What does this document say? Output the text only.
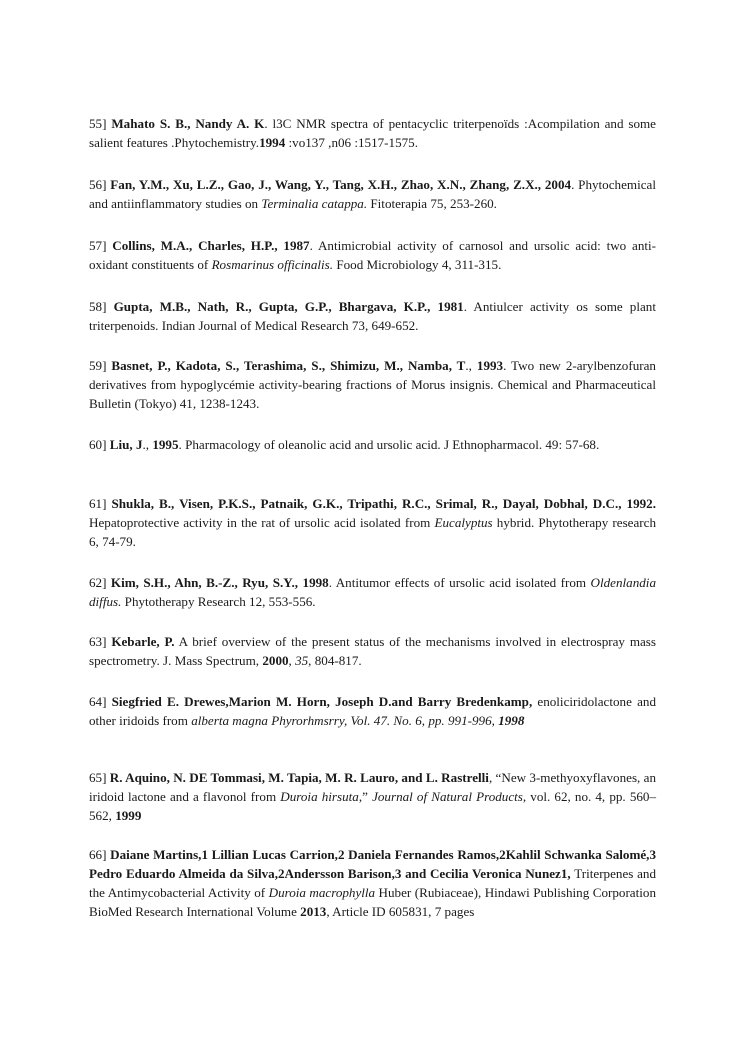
55] Mahato S. B., Nandy A. K. l3C NMR spectra of pentacyclic triterpenoïds :Acompilation and some salient features .Phytochemistry.1994 :vo137 ,n06 :1517-1575.
56] Fan, Y.M., Xu, L.Z., Gao, J., Wang, Y., Tang, X.H., Zhao, X.N., Zhang, Z.X., 2004. Phytochemical and antiinflammatory studies on Terminalia catappa. Fitoterapia 75, 253-260.
57] Collins, M.A., Charles, H.P., 1987. Antimicrobial activity of carnosol and ursolic acid: two anti-oxidant constituents of Rosmarinus officinalis. Food Microbiology 4, 311-315.
58] Gupta, M.B., Nath, R., Gupta, G.P., Bhargava, K.P., 1981. Antiulcer activity os some plant triterpenoids. Indian Journal of Medical Research 73, 649-652.
59] Basnet, P., Kadota, S., Terashima, S., Shimizu, M., Namba, T., 1993. Two new 2-arylbenzofuran derivatives from hypoglycémie activity-bearing fractions of Morus insignis. Chemical and Pharmaceutical Bulletin (Tokyo) 41, 1238-1243.
60] Liu, J., 1995. Pharmacology of oleanolic acid and ursolic acid. J Ethnopharmacol. 49: 57-68.
61] Shukla, B., Visen, P.K.S., Patnaik, G.K., Tripathi, R.C., Srimal, R., Dayal, Dobhal, D.C., 1992. Hepatoprotective activity in the rat of ursolic acid isolated from Eucalyptus hybrid. Phytotherapy research 6, 74-79.
62] Kim, S.H., Ahn, B.-Z., Ryu, S.Y., 1998. Antitumor effects of ursolic acid isolated from Oldenlandia diffus. Phytotherapy Research 12, 553-556.
63] Kebarle, P. A brief overview of the present status of the mechanisms involved in electrospray mass spectrometry. J. Mass Spectrum, 2000, 35, 804-817.
64] Siegfried E. Drewes,Marion M. Horn, Joseph D.and Barry Bredenkamp, enoliciridolactone and other iridoids from alberta magna Phyrorhmsrry, Vol. 47. No. 6, pp. 991-996, 1998
65] R. Aquino, N. DE Tommasi, M. Tapia, M. R. Lauro, and L. Rastrelli, “New 3-methyoxyflavones, an iridoid lactone and a flavonol from Duroia hirsuta,” Journal of Natural Products, vol. 62, no. 4, pp. 560–562, 1999
66] Daiane Martins,1 Lillian Lucas Carrion,2 Daniela Fernandes Ramos,2Kahlil Schwanka Salomé,3 Pedro Eduardo Almeida da Silva,2Andersson Barison,3 and Cecilia Veronica Nunez1, Triterpenes and the Antimycobacterial Activity of Duroia macrophylla Huber (Rubiaceae), Hindawi Publishing Corporation BioMed Research International Volume 2013, Article ID 605831, 7 pages
